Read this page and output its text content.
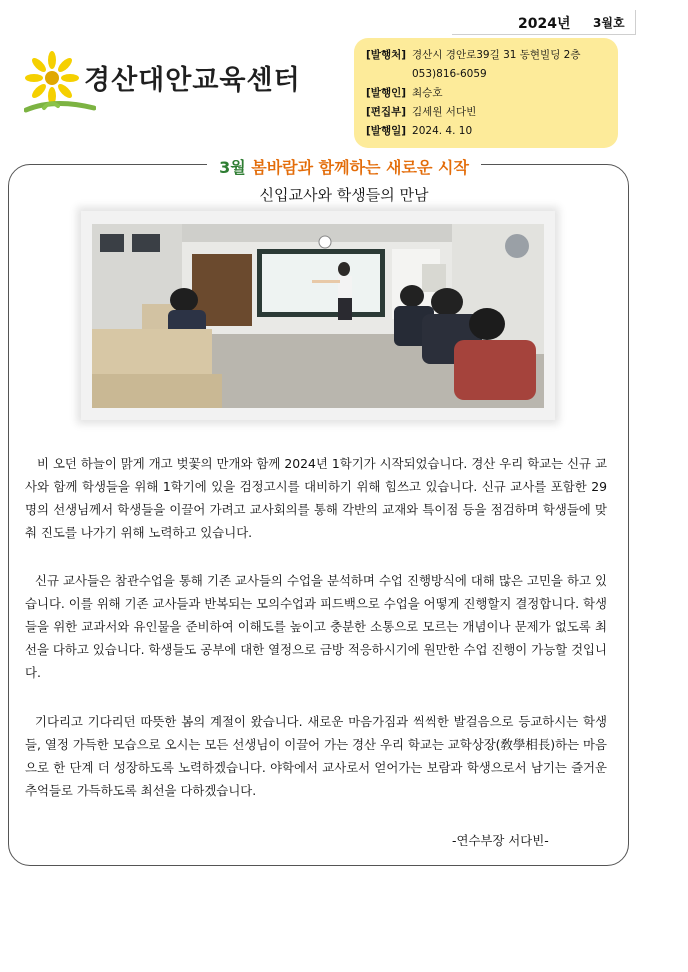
2024년 3월호
경산대안교육센터
[발행처] 경산시 경안로39길 31 동현빌딩 2층
053)816-6059
[발행인] 최승호
[편집부] 김세원 서다빈
[발행일] 2024. 4. 10
3월 봄바람과 함께하는 새로운 시작
신입교사와 학생들의 만남

비 오던 하늘이 맑게 개고 벚꽃의 만개와 함께 2024년 1학기가 시작되었습니다. 경산 우리 학교는 신규 교사와 함께 학생들을 위해 1학기에 있을 검정고시를 대비하기 위해 힘쓰고 있습니다. 신규 교사를 포함한 29명의 선생님께서 학생들을 이끌어 가려고 교사회의를 통해 각반의 교재와 특이점 등을 점검하며 학생들에 맞춰 진도를 나가기 위해 노력하고 있습니다.

신규 교사들은 참관수업을 통해 기존 교사들의 수업을 분석하며 수업 진행방식에 대해 많은 고민을 하고 있습니다. 이를 위해 기존 교사들과 반복되는 모의수업과 피드백으로 수업을 어떻게 진행할지 결정합니다. 학생들을 위한 교과서와 유인물을 준비하여 이해도를 높이고 충분한 소통으로 모르는 개념이나 문제가 없도록 최선을 다하고 있습니다. 학생들도 공부에 대한 열정으로 금방 적응하시기에 원만한 수업 진행이 가능할 것입니다.

기다리고 기다리던 따뜻한 봄의 계절이 왔습니다. 새로운 마음가짐과 씩씩한 발걸음으로 등교하시는 학생들, 열정 가득한 모습으로 오시는 모든 선생님이 이끌어 가는 경산 우리 학교는 교학상장(敎學相長)하는 마음으로 한 단계 더 성장하도록 노력하겠습니다. 야학에서 교사로서 얻어가는 보람과 학생으로서 남기는 즐거운 추억들로 가득하도록 최선을 다하겠습니다.

-연수부장 서다빈-
